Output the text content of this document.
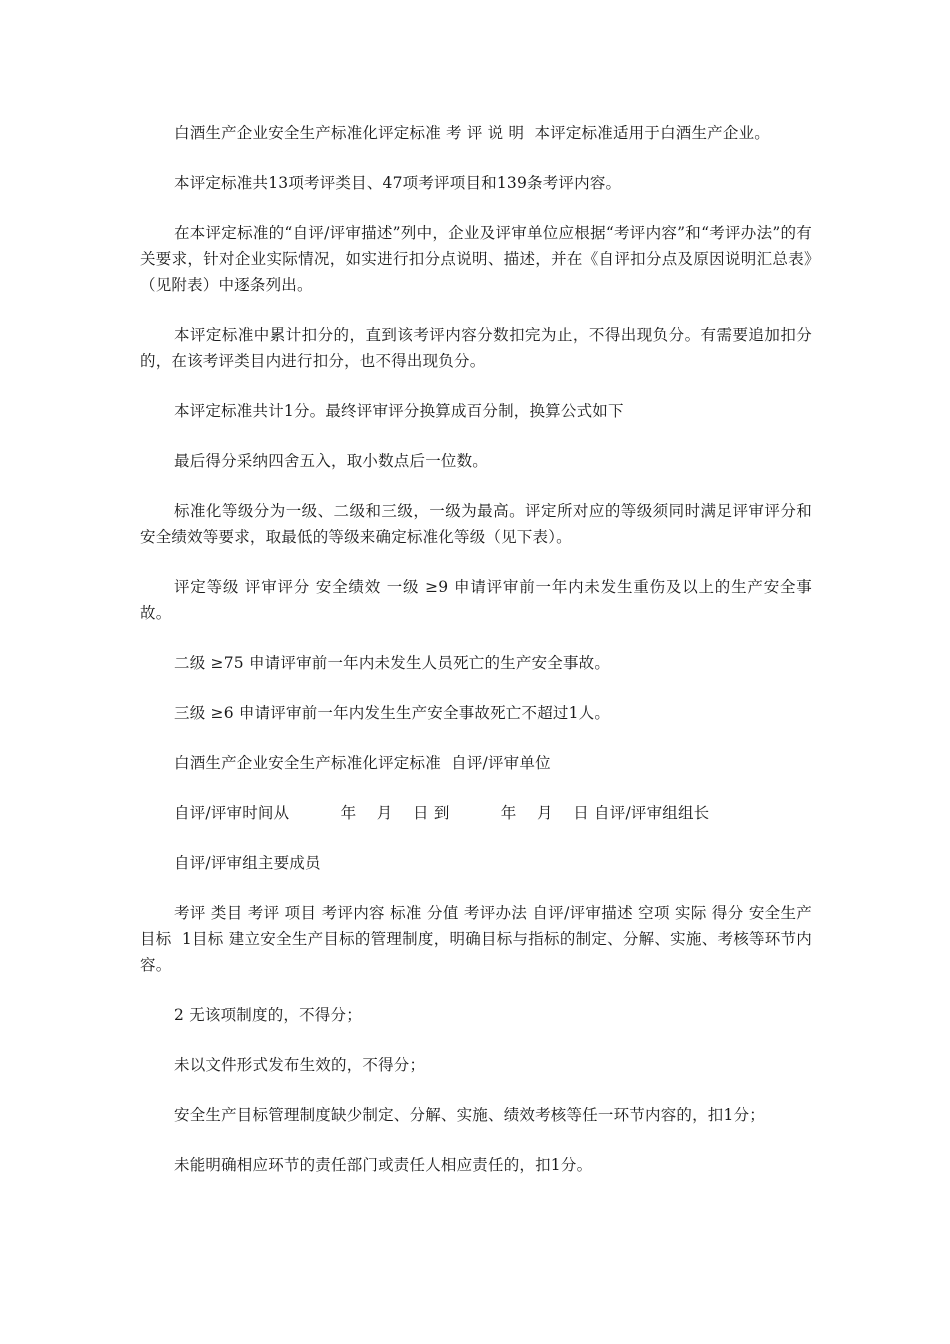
白酒生产企业安全生产标准化评定标准 考 评 说 明  本评定标准适用于白酒生产企业。

本评定标准共13项考评类目、47项考评项目和139条考评内容。

在本评定标准的“自评/评审描述”列中，企业及评审单位应根据“考评内容”和“考评办法”的有关要求，针对企业实际情况，如实进行扣分点说明、描述，并在《自评扣分点及原因说明汇总表》（见附表）中逐条列出。

本评定标准中累计扣分的，直到该考评内容分数扣完为止，不得出现负分。有需要追加扣分的，在该考评类目内进行扣分，也不得出现负分。

本评定标准共计1分。最终评审评分换算成百分制，换算公式如下

最后得分采纳四舍五入，取小数点后一位数。

标准化等级分为一级、二级和三级，一级为最高。评定所对应的等级须同时满足评审评分和安全绩效等要求，取最低的等级来确定标准化等级（见下表）。

评定等级 评审评分 安全绩效 一级 ≥9 申请评审前一年内未发生重伤及以上的生产安全事故。

二级 ≥75 申请评审前一年内未发生人员死亡的生产安全事故。

三级 ≥6 申请评审前一年内发生生产安全事故死亡不超过1人。

白酒生产企业安全生产标准化评定标准  自评/评审单位

自评/评审时间从          年    月    日 到          年    月    日 自评/评审组组长

自评/评审组主要成员

考评 类目 考评 项目 考评内容 标准 分值 考评办法 自评/评审描述 空项 实际 得分 安全生产目标  1目标 建立安全生产目标的管理制度，明确目标与指标的制定、分解、实施、考核等环节内容。

2 无该项制度的，不得分；

未以文件形式发布生效的，不得分；

安全生产目标管理制度缺少制定、分解、实施、绩效考核等任一环节内容的，扣1分；

未能明确相应环节的责任部门或责任人相应责任的，扣1分。
